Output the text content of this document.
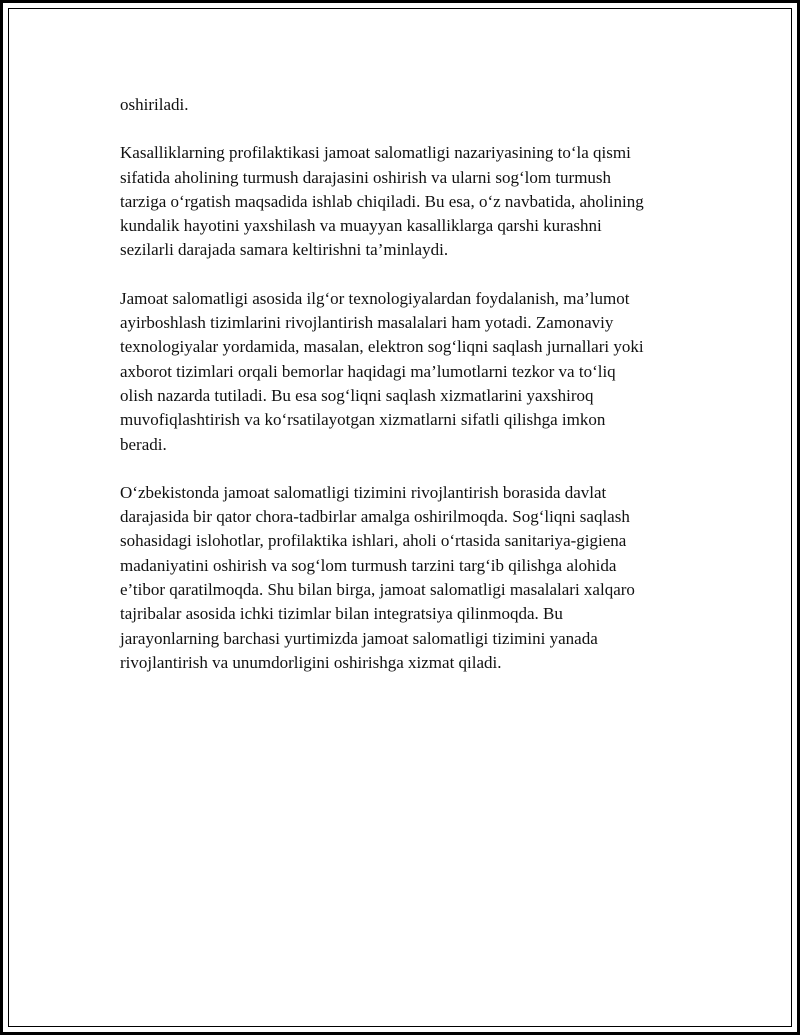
oshiriladi.

Kasalliklarning profilaktikasi jamoat salomatligi nazariyasining to‘la qismi
sifatida aholining turmush darajasini oshirish va ularni sog‘lom turmush
tarziga o‘rgatish maqsadida ishlab chiqiladi. Bu esa, o‘z navbatida, aholining
kundalik hayotini yaxshilash va muayyan kasalliklarga qarshi kurashni
sezilarli darajada samara keltirishni ta’minlaydi.

Jamoat salomatligi asosida ilg‘or texnologiyalardan foydalanish, ma’lumot
ayirboshlash tizimlarini rivojlantirish masalalari ham yotadi. Zamonaviy
texnologiyalar yordamida, masalan, elektron sog‘liqni saqlash jurnallari yoki
axborot tizimlari orqali bemorlar haqidagi ma’lumotlarni tezkor va to‘liq
olish nazarda tutiladi. Bu esa sog‘liqni saqlash xizmatlarini yaxshiroq
muvofiqlashtirish va ko‘rsatilayotgan xizmatlarni sifatli qilishga imkon
beradi.

O‘zbekistonda jamoat salomatligi tizimini rivojlantirish borasida davlat
darajasida bir qator chora-tadbirlar amalga oshirilmoqda. Sog‘liqni saqlash
sohasidagi islohotlar, profilaktika ishlari, aholi o‘rtasida sanitariya-gigiena
madaniyatini oshirish va sog‘lom turmush tarzini targ‘ib qilishga alohida
e’tibor qaratilmoqda. Shu bilan birga, jamoat salomatligi masalalari xalqaro
tajribalar asosida ichki tizimlar bilan integratsiya qilinmoqda. Bu
jarayonlarning barchasi yurtimizda jamoat salomatligi tizimini yanada
rivojlantirish va unumdorligini oshirishga xizmat qiladi.
